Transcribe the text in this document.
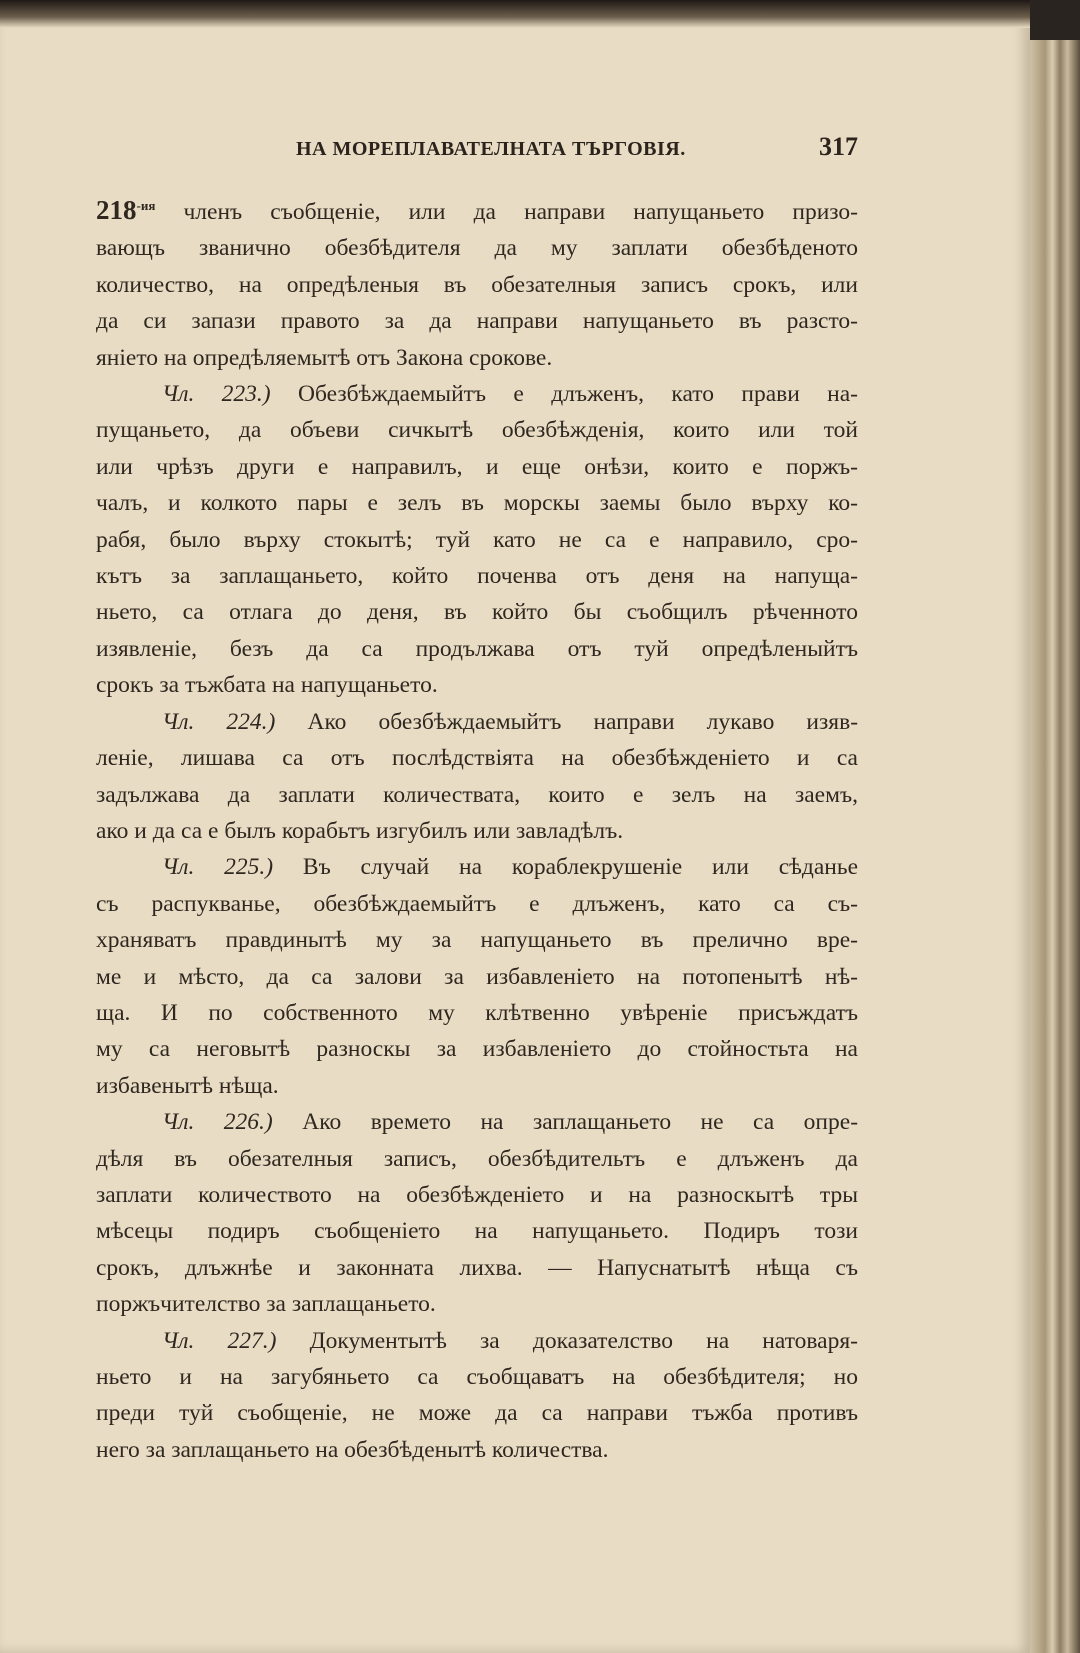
НА МОРЕПЛАВАТЕЛНАТА ТЪРГОВІЯ.	317
$218^{-ия}$ членъ съобщеніе, или да направи напущаньето призо-
вающъ званично обезбѣдителя да му заплати обезбѣденото
количество, на опредѣленыя въ обезателныя записъ срокъ, или
да си запази правото за да направи напущаньето въ разсто-
яніето на опредѣляемытѣ отъ Закона срокове.
Чл. 223.) Обезбѣждаемыйтъ е длъженъ, като прави на-
пущаньето, да объеви сичкытѣ обезбѣжденія, които или той
или чрѣзъ други е направилъ, и еще онѣзи, които е поржъ-
чалъ, и колкото пары е зелъ въ морскы заемы было върху ко-
рабя, было върху стокытѣ; туй като не са е направило, сро-
кътъ за заплащаньето, който поченва отъ деня на напуща-
ньето, са отлага до деня, въ който бы съобщилъ рѣченното
изявленіе, безъ да са продължава отъ туй опредѣленыйтъ
срокъ за тъжбата на напущаньето.
Чл. 224.) Ако обезбѣждаемыйтъ направи лукаво изяв-
леніе, лишава са отъ послѣдствіята на обезбѣжденіето и са
задължава да заплати количествата, които е зелъ на заемъ,
ако и да са е былъ корабьтъ изгубилъ или завладѣлъ.
Чл. 225.) Въ случай на кораблекрушеніе или сѣданье
съ распукванье, обезбѣждаемыйтъ е длъженъ, като са съ-
храняватъ правдинытѣ му за напущаньето въ прелично вре-
ме и мѣсто, да са залови за избавленіето на потопенытѣ нѣ-
ща. И по собственното му клѣтвенно увѣреніе присъждатъ
му са неговытѣ разноскы за избавленіето до стойностьта на
избавенытѣ нѣща.
Чл. 226.) Ако времето на заплащаньето не са опре-
дѣля въ обезателныя записъ, обезбѣдительтъ е длъженъ да
заплати количеството на обезбѣжденіето и на разноскытѣ тры
мѣсецы подиръ съобщеніето на напущаньето. Подиръ този
срокъ, длъжнѣе и законната лихва. — Напуснатытѣ нѣща съ
поржъчителство за заплащаньето.
Чл. 227.) Документытѣ за доказателство на натоваря-
ньето и на загубяньето са съобщаватъ на обезбѣдителя; но
преди туй съобщеніе, не може да са направи тъжба противъ
него за заплащаньето на обезбѣденытѣ количества.
